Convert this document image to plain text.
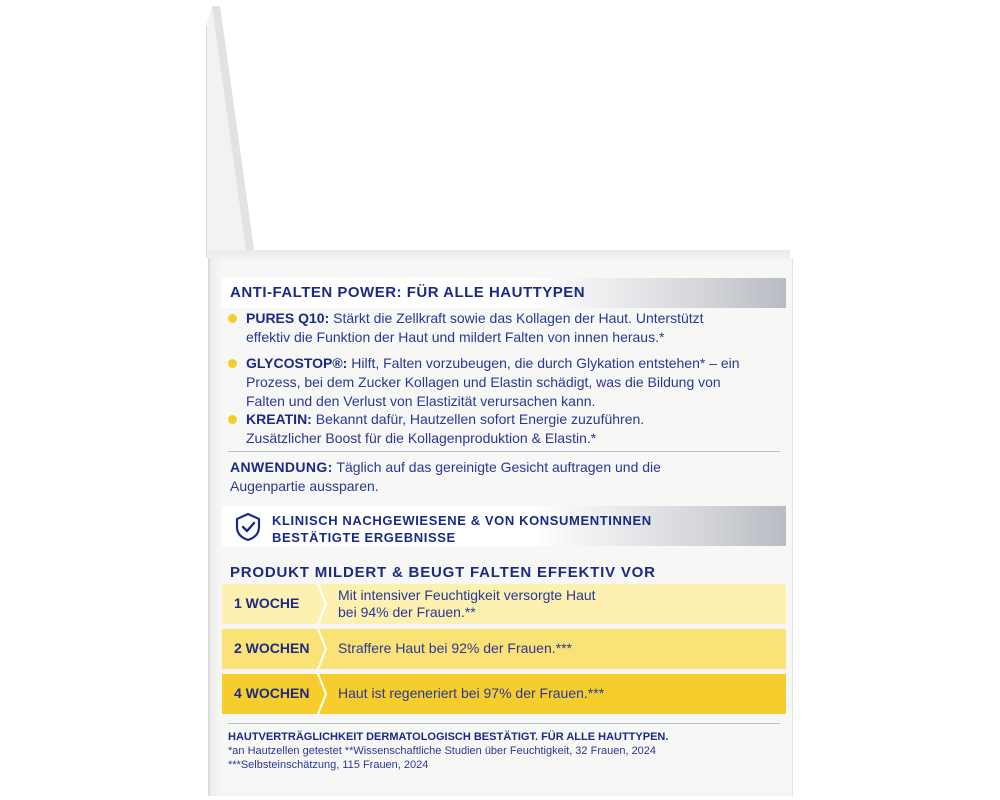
ANTI-FALTEN POWER: FÜR ALLE HAUTTYPEN
PURES Q10: Stärkt die Zellkraft sowie das Kollagen der Haut. Unterstützt
effektiv die Funktion der Haut und mildert Falten von innen heraus.*
GLYCOSTOP®: Hilft, Falten vorzubeugen, die durch Glykation entstehen* – ein
Prozess, bei dem Zucker Kollagen und Elastin schädigt, was die Bildung von
Falten und den Verlust von Elastizität verursachen kann.
KREATIN: Bekannt dafür, Hautzellen sofort Energie zuzuführen.
Zusätzlicher Boost für die Kollagenproduktion & Elastin.*
ANWENDUNG: Täglich auf das gereinigte Gesicht auftragen und die
Augenpartie aussparen.
KLINISCH NACHGEWIESENE & VON KONSUMENTINNEN
BESTÄTIGTE ERGEBNISSE
PRODUKT MILDERT & BEUGT FALTEN EFFEKTIV VOR
1 WOCHE	Mit intensiver Feuchtigkeit versorgte Haut
bei 94% der Frauen.**
2 WOCHEN Straffere Haut bei 92% der Frauen.***
4 WOCHEN Haut ist regeneriert bei 97% der Frauen.***
HAUTVERTRÄGLICHKEIT DERMATOLOGISCH BESTÄTIGT. FÜR ALLE HAUTTYPEN.
*an Hautzellen getestet **Wissenschaftliche Studien über Feuchtigkeit, 32 Frauen, 2024
***Selbsteinschätzung, 115 Frauen, 2024
